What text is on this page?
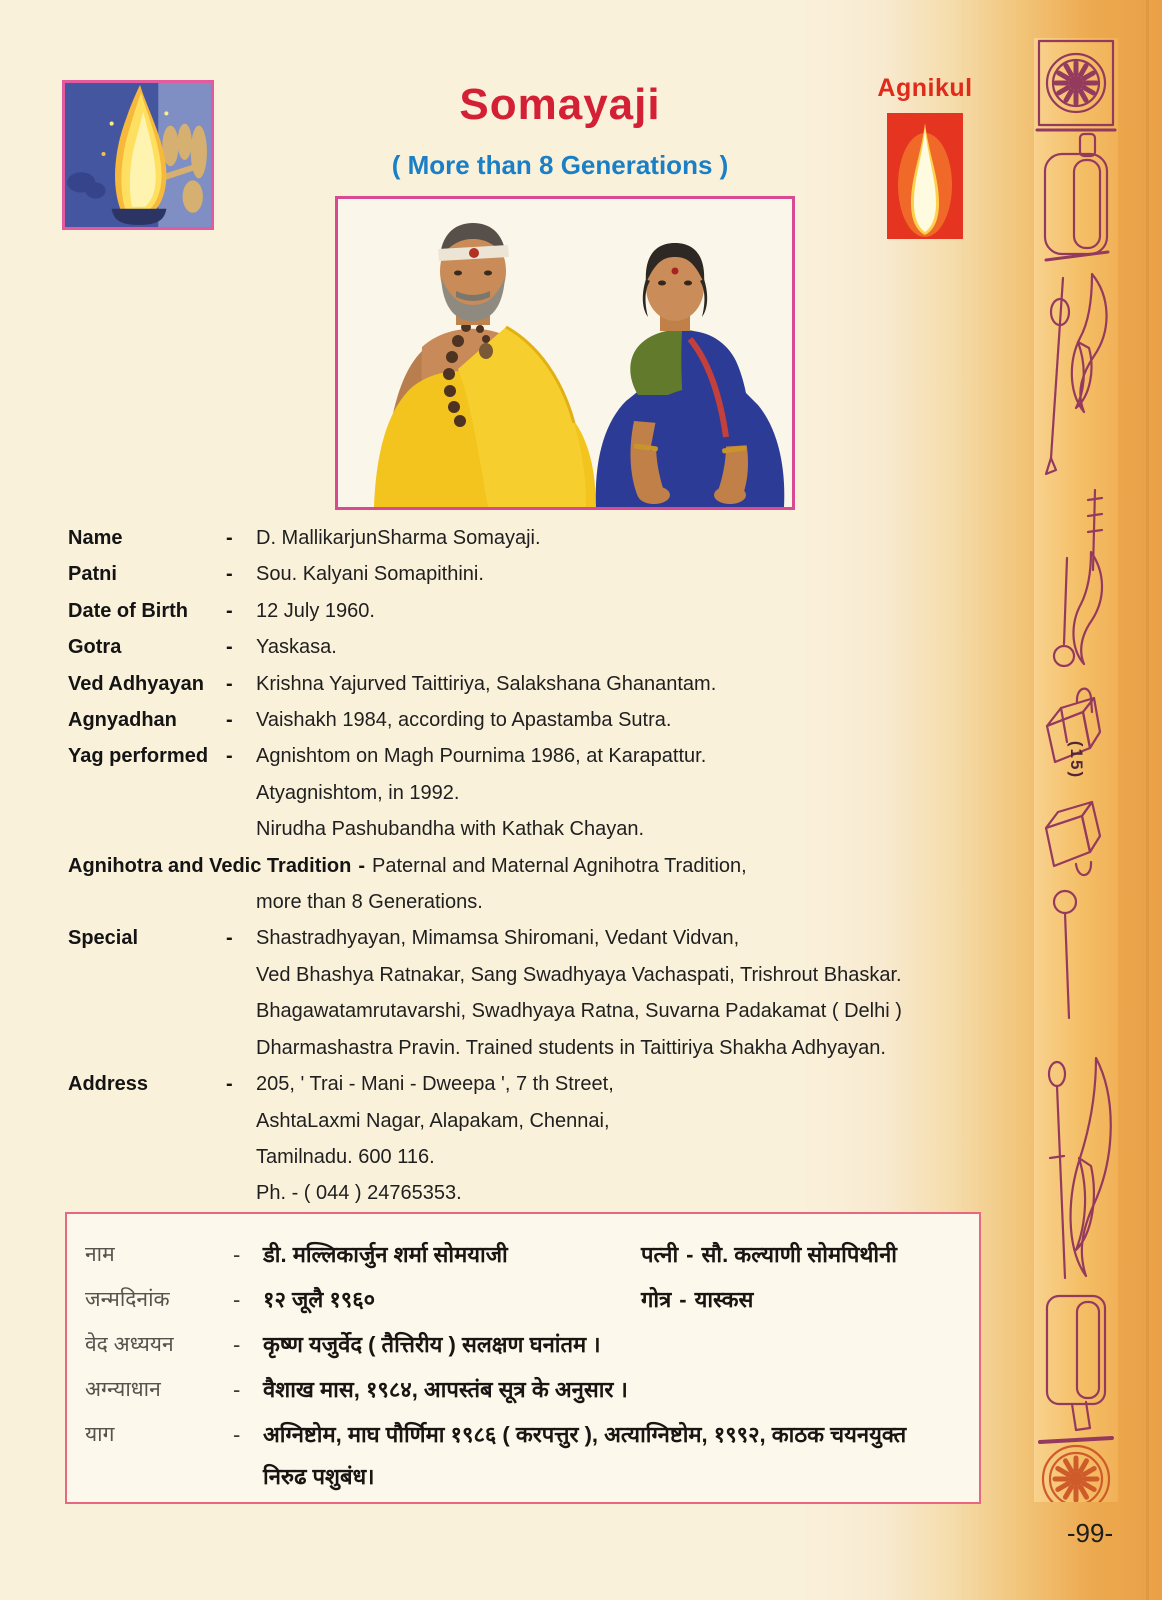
Somayaji
( More than 8 Generations )
Agnikul
Name	-	D. MallikarjunSharma Somayaji.
Patni	-	Sou. Kalyani Somapithini.
Date of Birth	-	12 July 1960.
Gotra	-	Yaskasa.
Ved Adhyayan	-	Krishna Yajurved Taittiriya, Salakshana Ghanantam.
Agnyadhan	-	Vaishakh 1984, according to Apastamba Sutra.
Yag performed -	Agnishtom on Magh Pournima 1986, at Karapattur.
Atyagnishtom, in 1992.
Nirudha Pashubandha with Kathak Chayan.
Agnihotra and Vedic Tradition - Paternal and Maternal Agnihotra Tradition,
more than 8 Generations.
Special	-	Shastradhyayan, Mimamsa Shiromani, Vedant Vidvan,
Ved Bhashya Ratnakar, Sang Swadhyaya Vachaspati, Trishrout Bhaskar.
Bhagawatamrutavarshi, Swadhyaya Ratna, Suvarna Padakamat ( Delhi )
Dharmashastra Pravin. Trained students in Taittiriya Shakha Adhyayan.
Address	-	205, ' Trai - Mani - Dweepa ', 7 th Street,
AshtaLaxmi Nagar, Alapakam, Chennai,
Tamilnadu. 600 116.
Ph. - ( 044 ) 24765353.
नाम	-	डी. मल्लिकार्जुन शर्मा सोमयाजी	पत्नी - सौ. कल्याणी सोमपिथीनी
जन्मदिनांक	-	१२ जूलै १९६०	गोत्र - यास्कस
वेद अध्ययन	-	कृष्ण यजुर्वेद ( तैत्तिरीय ) सलक्षण घनांतम ।
अग्न्याधान	-	वैशाख मास, १९८४, आपस्तंब सूत्र के अनुसार ।
याग	-	अग्निष्टोम, माघ पौर्णिमा १९८६ ( करपत्तुर ), अत्याग्निष्टोम, १९९२, काठक चयनयुक्त
निरुढ पशुबंध।
(15)
-99-
